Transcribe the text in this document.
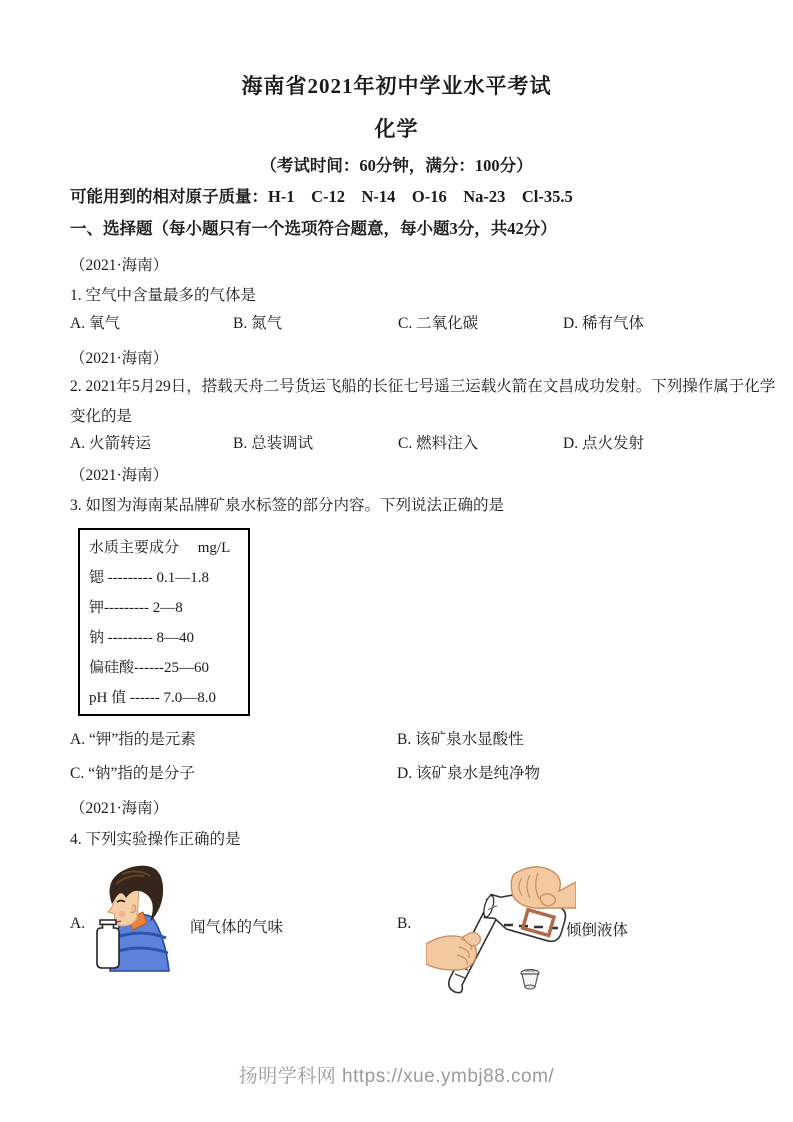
海南省2021年初中学业水平考试
化学
（考试时间：60分钟，满分：100分）
可能用到的相对原子质量：H-1　C-12　N-14　O-16　Na-23　Cl-35.5
一、选择题（每小题只有一个选项符合题意，每小题3分，共42分）
（2021·海南）
1. 空气中含量最多的气体是
A. 氧气	B. 氮气	C. 二氧化碳	D. 稀有气体
（2021·海南）
2. 2021年5月29日，搭载天舟二号货运飞船的长征七号遥三运载火箭在文昌成功发射。下列操作属于化学
变化的是
A. 火箭转运	B. 总装调试	C. 燃料注入	D. 点火发射
（2021·海南）
3. 如图为海南某品牌矿泉水标签的部分内容。下列说法正确的是
水质主要成分　 mg/L
锶 --------- 0.1—1.8
钾--------- 2—8
钠 --------- 8—40
偏硅酸------25—60
pH 值 ------ 7.0—8.0
A. “钾”指的是元素	B. 该矿泉水显酸性
C. “钠”指的是分子	D. 该矿泉水是纯净物
（2021·海南）
4. 下列实验操作正确的是
A.	闻气体的气味	B.	倾倒液体
扬明学科网 https://xue.ymbj88.com/
